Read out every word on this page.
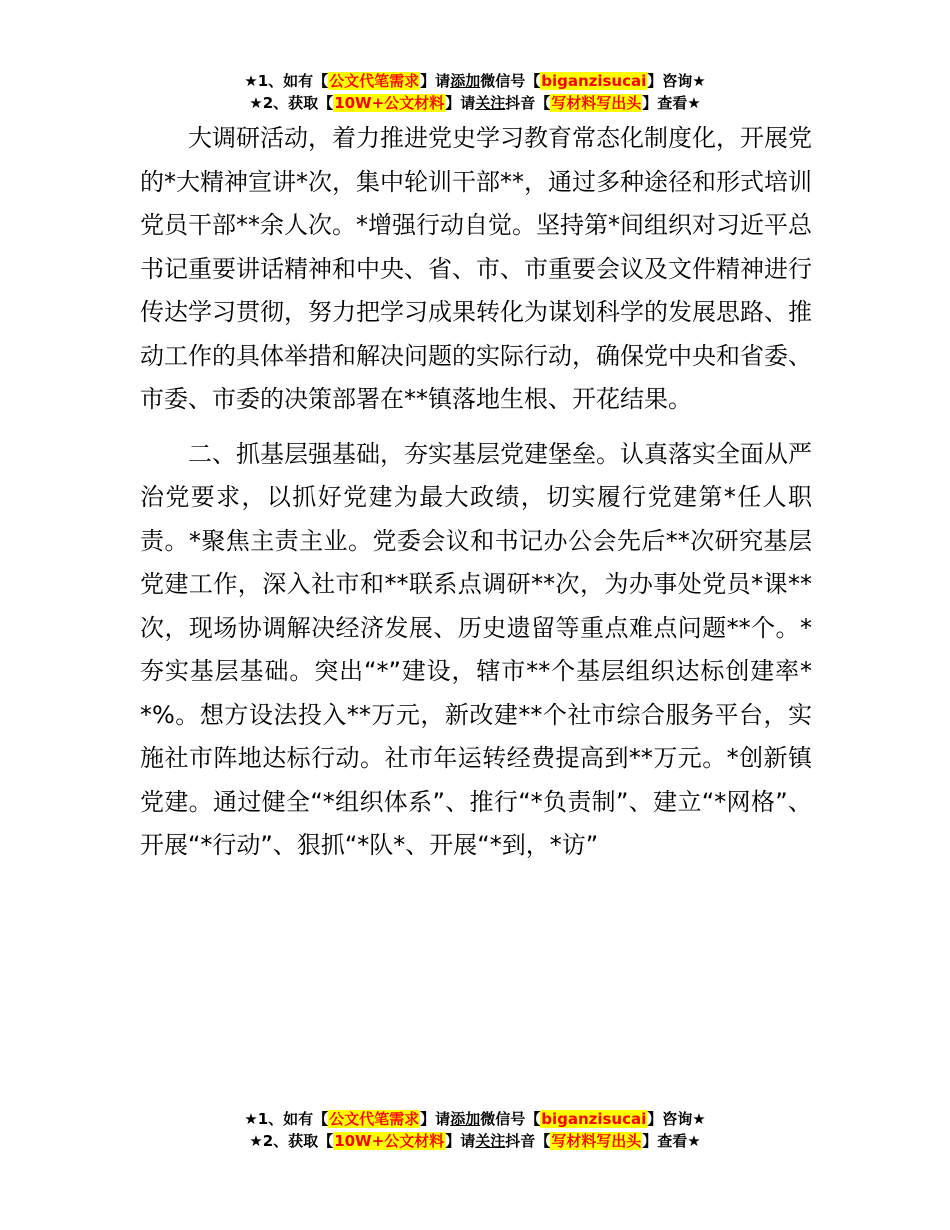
★1、如有【公文代笔需求】请添加微信号【biganzisucai】咨询★
★2、获取【10W+公文材料】请关注抖音【写材料写出头】查看★

大调研活动，着力推进党史学习教育常态化制度化，开展党的*大精神宣讲*次，集中轮训干部**，通过多种途径和形式培训党员干部**余人次。*增强行动自觉。坚持第*间组织对习近平总书记重要讲话精神和中央、省、市、市重要会议及文件精神进行传达学习贯彻，努力把学习成果转化为谋划科学的发展思路、推动工作的具体举措和解决问题的实际行动，确保党中央和省委、市委、市委的决策部署在**镇落地生根、开花结果。

二、抓基层强基础，夯实基层党建堡垒。认真落实全面从严治党要求，以抓好党建为最大政绩，切实履行党建第*任人职责。*聚焦主责主业。党委会议和书记办公会先后**次研究基层党建工作，深入社市和**联系点调研**次，为办事处党员*课**次，现场协调解决经济发展、历史遗留等重点难点问题**个。*夯实基层基础。突出“*”建设，辖市**个基层组织达标创建率**%。想方设法投入**万元，新改建**个社市综合服务平台，实施社市阵地达标行动。社市年运转经费提高到**万元。*创新镇党建。通过健全“*组织体系”、推行“*负责制”、建立“*网格”、开展“*行动”、狠抓“*队*、开展“*到，*访”

★1、如有【公文代笔需求】请添加微信号【biganzisucai】咨询★
★2、获取【10W+公文材料】请关注抖音【写材料写出头】查看★
